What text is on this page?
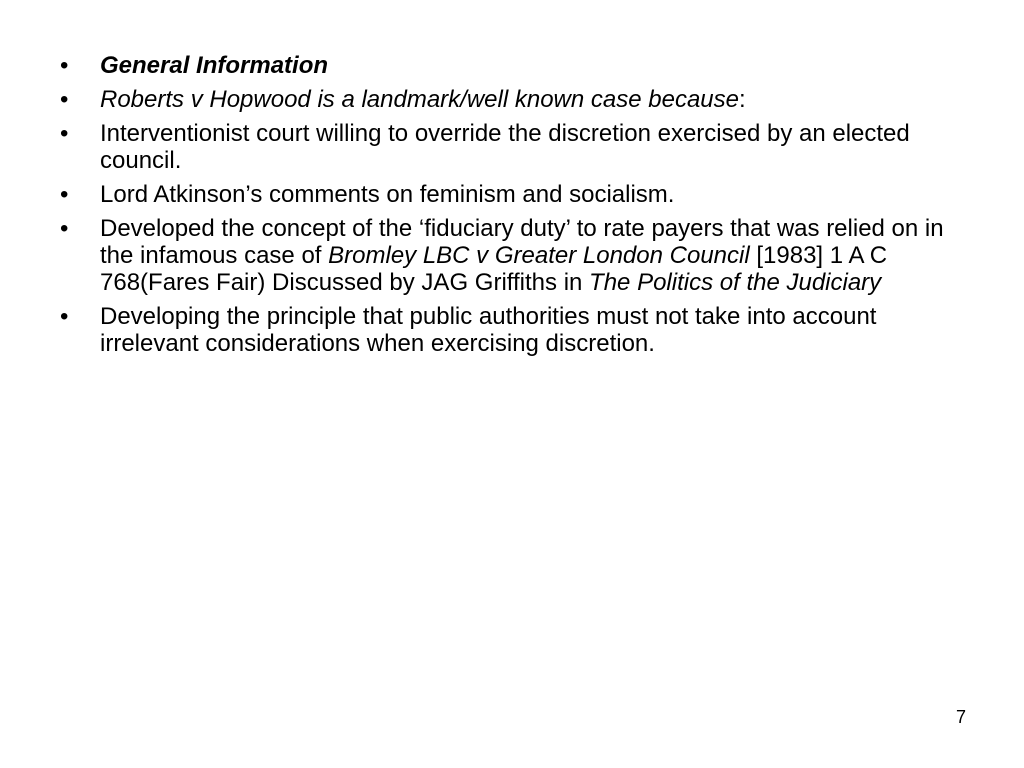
• General Information
• Roberts v Hopwood is a landmark/well known case because:
• Interventionist court willing to override the discretion exercised by an elected council.
• Lord Atkinson’s comments on feminism and socialism.
• Developed the concept of the ‘fiduciary duty’ to rate payers that was relied on in the infamous case of Bromley LBC v Greater London Council [1983] 1 A C 768(Fares Fair) Discussed by JAG Griffiths in The Politics of the Judiciary
• Developing the principle that public authorities must not take into account irrelevant considerations when exercising discretion.
7
